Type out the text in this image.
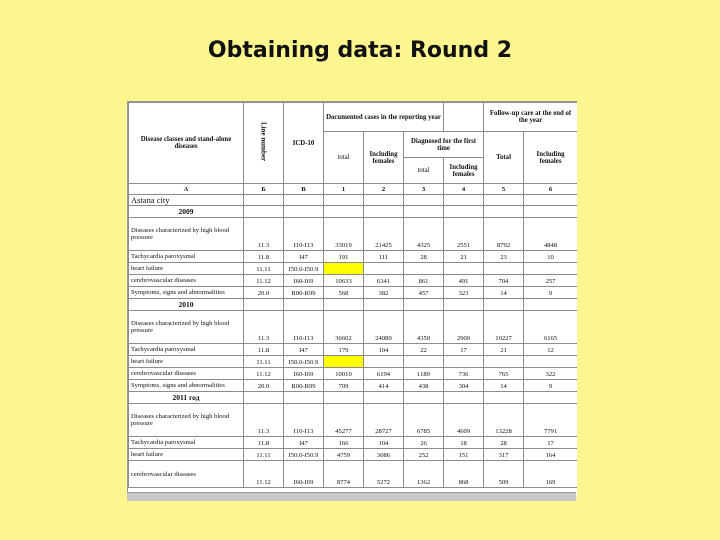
Obtaining data: Round 2
Disease classes and stand-alone diseases	Line number	ICD-10	Documented cases in the reporting year				Follow-up care at the end of the year	
			total	Including females	Diagnosed for the first time		Total	Including females
					total	Including females		
А	Б	В	1	2	3	4	5	6
Astana city								
2009								
Diseases characterized by high blood pressure	11.3	I10-I13	33019	21425	4325	2551	8792	4848
Tachycardia paroxysmal	11.8	I47	191	111	28	21	23	10
heart failure	11.11	I50.0-I50.9						
cerebrovascular diseases	11.12	I60-I69	10633	6341	861	491	704	257
Symptoms, signs and abnormalities	20.0	R00-R99	568	382	457	323	14	9
2010								
Diseases characterized by high blood pressure	11.3	I10-I13	36602	24089	4350	2900	10227	6165
Tachycardia paroxysmal	11.8	I47	179	104	22	17	21	12
heart failure	11.11	I50.0-I50.9						
cerebrovascular diseases	11.12	I60-I69	10010	6194	1189	736	765	322
Symptoms, signs and abnormalities	20.0	R00-R99	709	414	438	304	14	9
2011 год								
Diseases characterized by high blood pressure	11.3	I10-I13	45277	28727	6785	4609	13228	7791
Tachycardia paroxysmal	11.8	I47	166	104	26	18	28	17
heart failure	11.11	I50.0-I50.9	4759	3086	252	151	317	164
cerebrovascular diseases	11.12	I60-I69	8774	5272	1362	868	509	169
